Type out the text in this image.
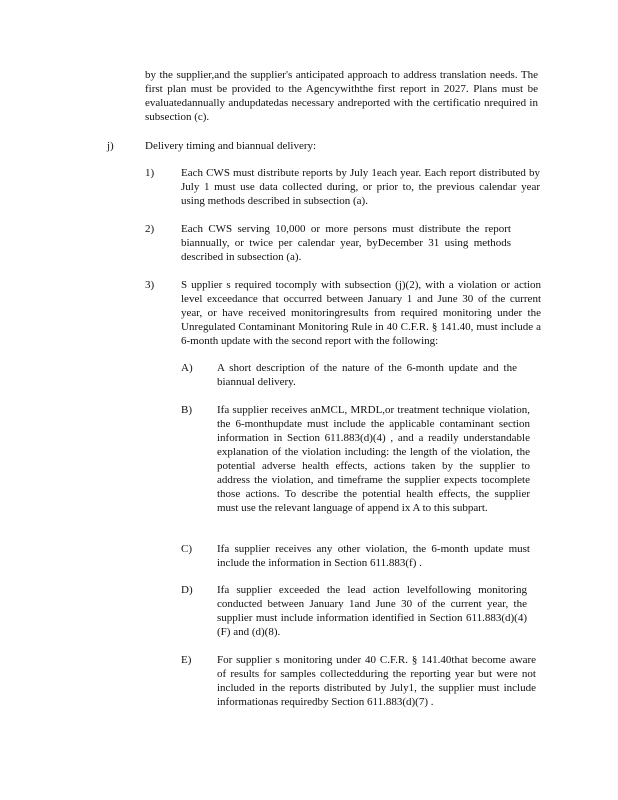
by the supplier,and the supplier's anticipated approach to address translation needs. The first plan must be provided to the Agencywiththe first report in 2027. Plans must be evaluatedannually andupdatedas necessary andreported with the certificatio nrequired in subsection (c).
j)	Delivery timing and biannual delivery:
1) Each CWS must distribute reports by July 1each year. Each report distributed by July 1 must use data collected during, or prior to, the previous calendar year using methods described in subsection (a).
2) Each CWS serving 10,000 or more persons must distribute the report biannually, or twice per calendar year, byDecember 31 using methods described in subsection (a).
3) S upplier s required tocomply with subsection (j)(2), with a violation or action level exceedance that occurred between January 1 and June 30 of the current year, or have received monitoringresults from required monitoring under the Unregulated Contaminant Monitoring Rule in 40 C.F.R. § 141.40, must include a 6-month update with the second report with the following:
A) A short description of the nature of the 6-month update and the biannual delivery.
B) Ifa supplier receives anMCL, MRDL,or treatment technique violation, the 6-monthupdate must include the applicable contaminant section information in Section 611.883(d)(4) , and a readily understandable explanation of the violation including: the length of the violation, the potential adverse health effects, actions taken by the supplier to address the violation, and timeframe the supplier expects tocomplete those actions. To describe the potential health effects, the supplier must use the relevant language of append ix A to this subpart.
C) Ifa supplier receives any other violation, the 6-month update must include the information in Section 611.883(f) .
D) Ifa supplier exceeded the lead action levelfollowing monitoring conducted between January 1and June 30 of the current year, the supplier must include information identified in Section 611.883(d)(4) (F) and (d)(8).
E) For supplier s monitoring under 40 C.F.R. § 141.40that become aware of results for samples collectedduring the reporting year but were not included in the reports distributed by July1, the supplier must include informationas requiredby Section 611.883(d)(7) .
